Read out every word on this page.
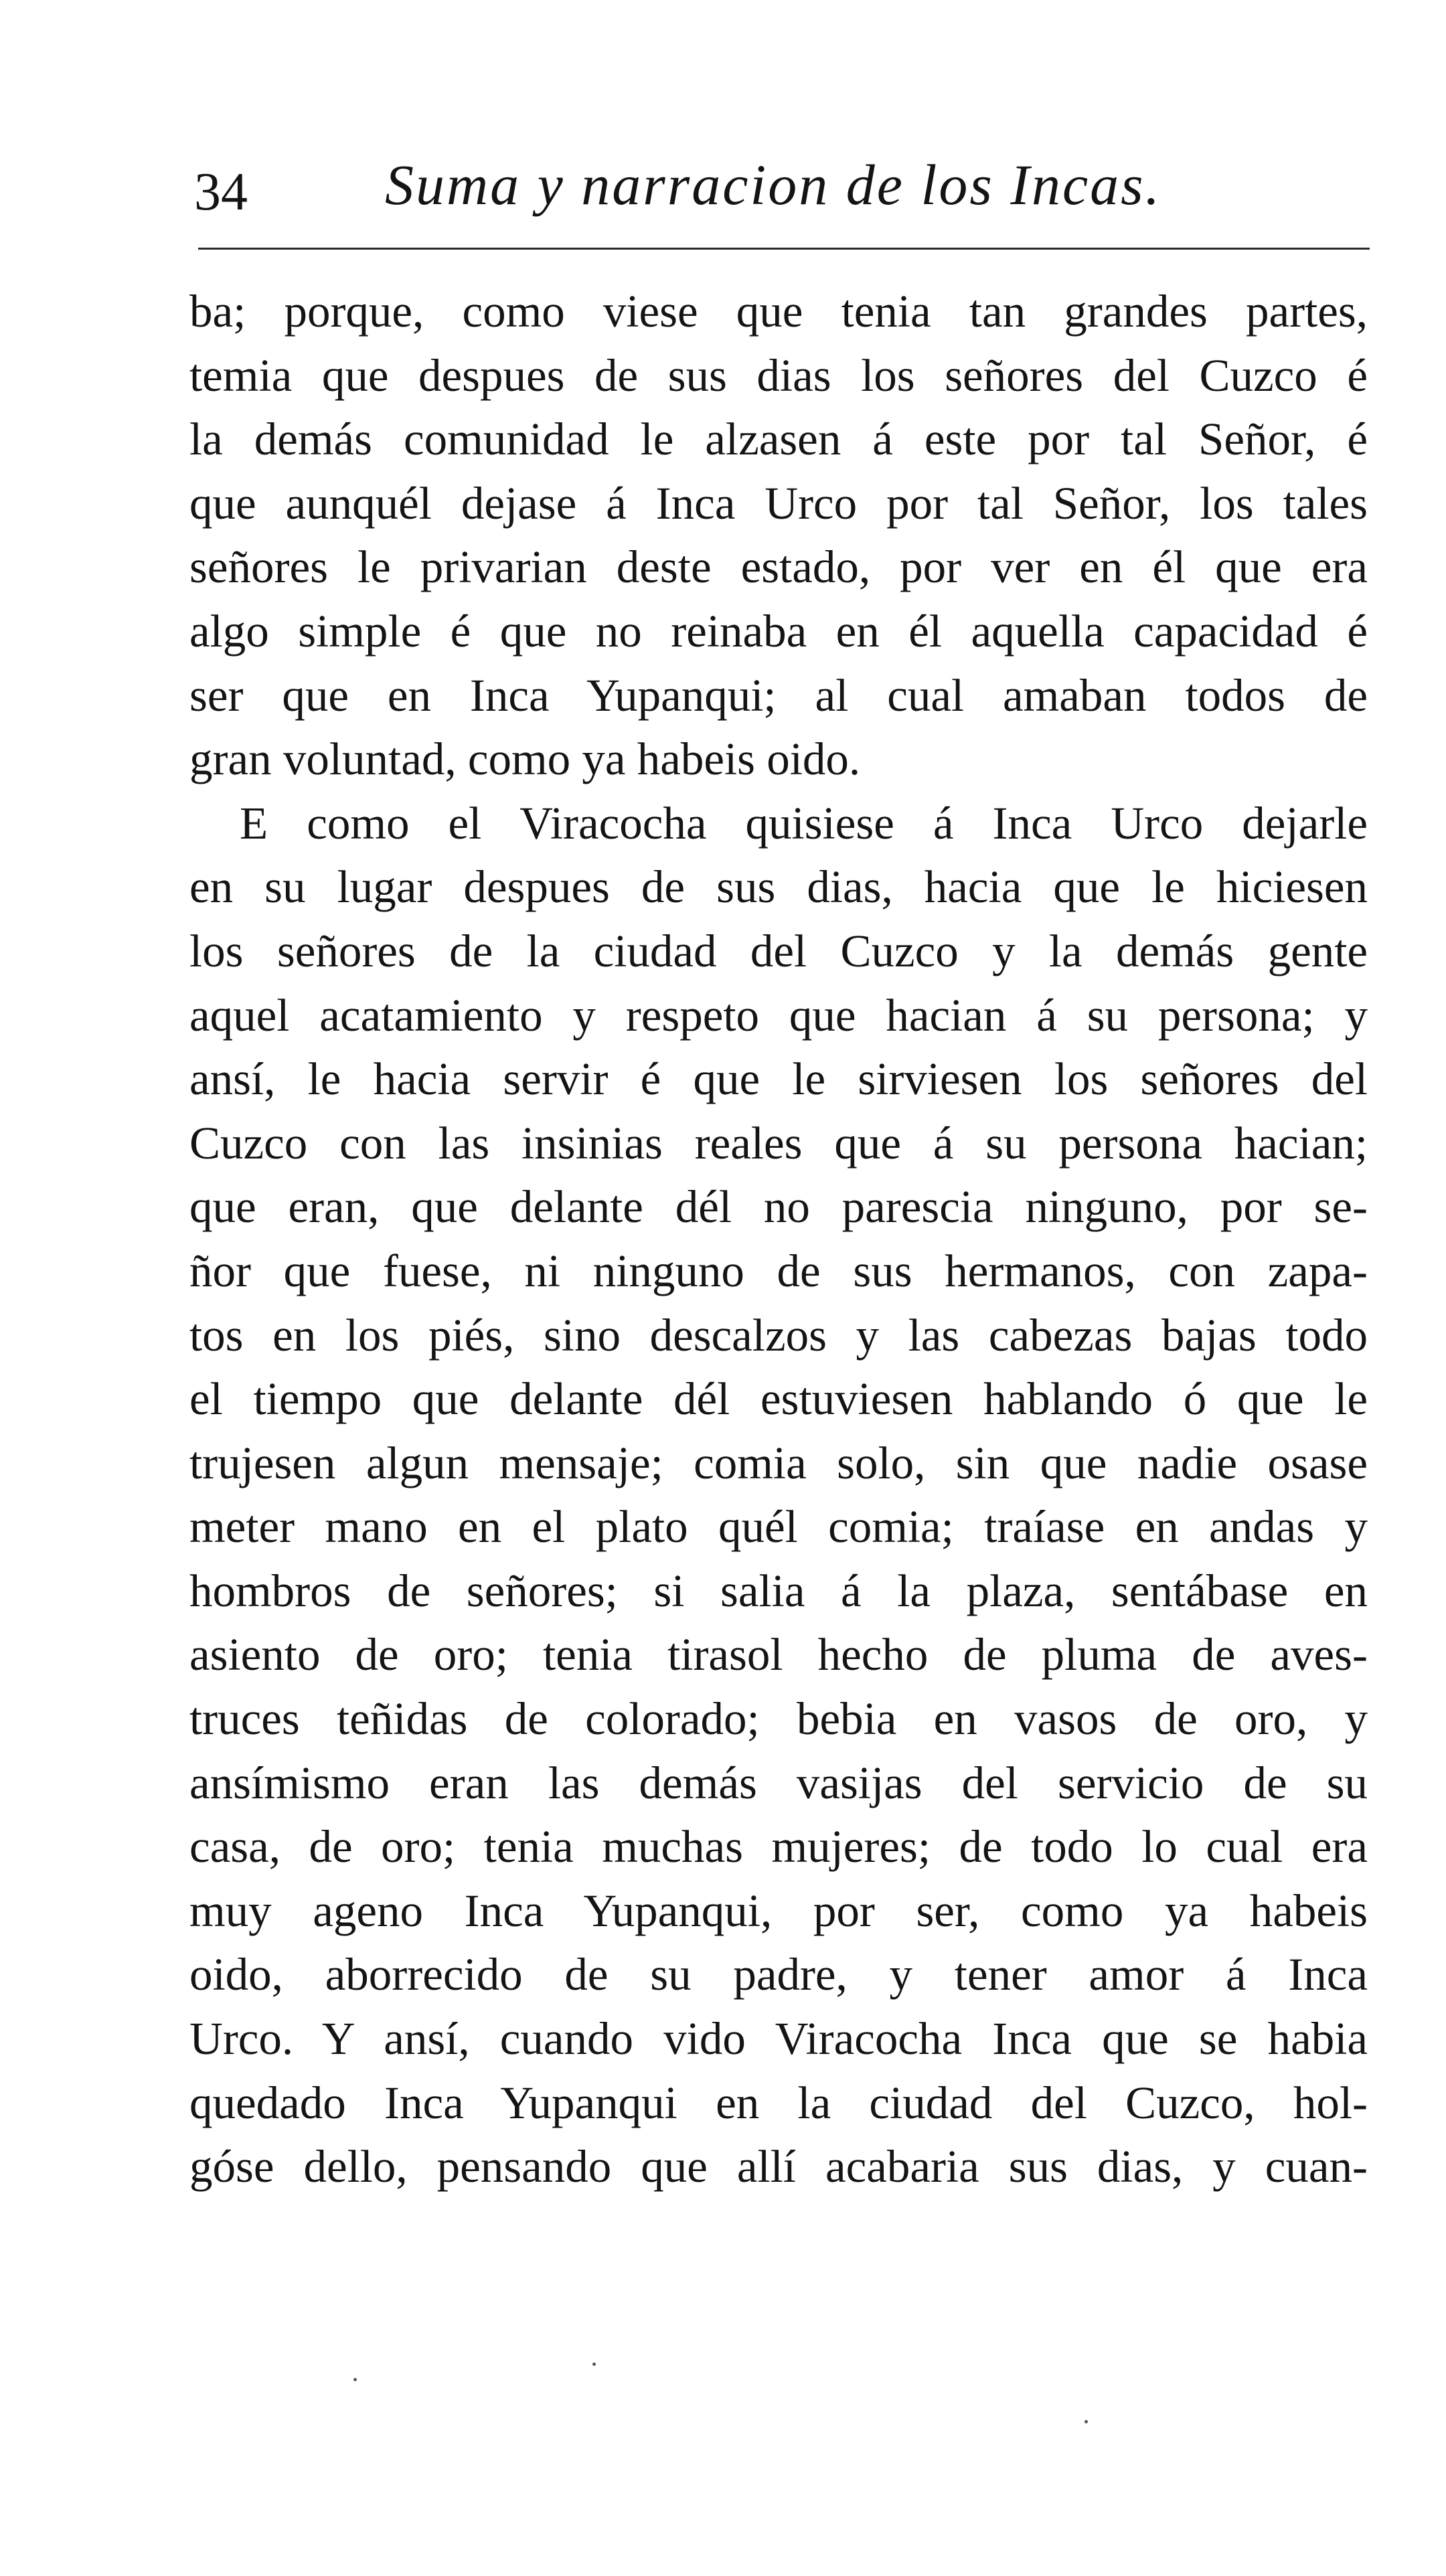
34 Suma y narracion de los Incas.
ba; porque, como viese que tenia tan grandes partes,
temia que despues de sus dias los señores del Cuzco é
la demás comunidad le alzasen á este por tal Señor, é
que aunquél dejase á Inca Urco por tal Señor, los tales
señores le privarian deste estado, por ver en él que era
algo simple é que no reinaba en él aquella capacidad é
ser que en Inca Yupanqui; al cual amaban todos de
gran voluntad, como ya habeis oido.
E como el Viracocha quisiese á Inca Urco dejarle
en su lugar despues de sus dias, hacia que le hiciesen
los señores de la ciudad del Cuzco y la demás gente
aquel acatamiento y respeto que hacian á su persona; y
ansí, le hacia servir é que le sirviesen los señores del
Cuzco con las insinias reales que á su persona hacian;
que eran, que delante dél no parescia ninguno, por se-
ñor que fuese, ni ninguno de sus hermanos, con zapa-
tos en los piés, sino descalzos y las cabezas bajas todo
el tiempo que delante dél estuviesen hablando ó que le
trujesen algun mensaje; comia solo, sin que nadie osase
meter mano en el plato quél comia; traíase en andas y
hombros de señores; si salia á la plaza, sentábase en
asiento de oro; tenia tirasol hecho de pluma de aves-
truces teñidas de colorado; bebia en vasos de oro, y
ansímismo eran las demás vasijas del servicio de su
casa, de oro; tenia muchas mujeres; de todo lo cual era
muy ageno Inca Yupanqui, por ser, como ya habeis
oido, aborrecido de su padre, y tener amor á Inca
Urco. Y ansí, cuando vido Viracocha Inca que se habia
quedado Inca Yupanqui en la ciudad del Cuzco, hol-
góse dello, pensando que allí acabaria sus dias, y cuan-
